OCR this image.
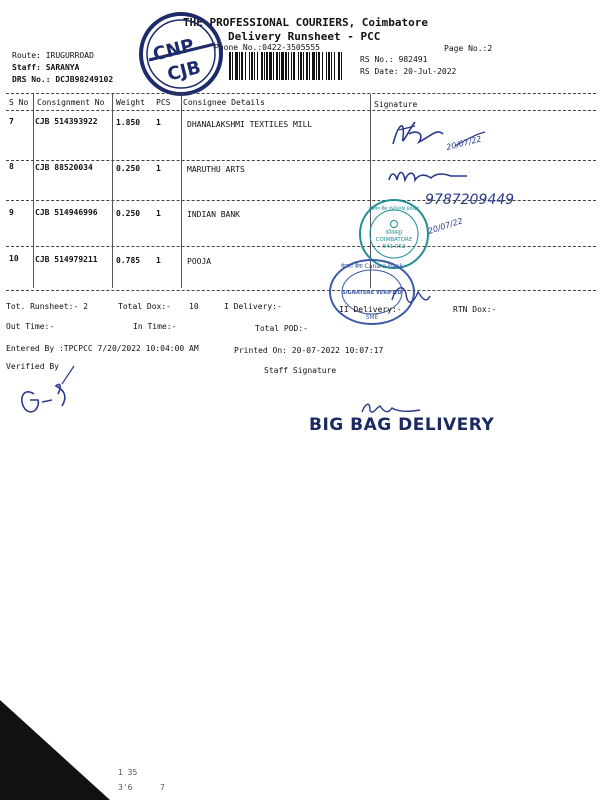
THE PROFESSIONAL COURIERS, Coimbatore
Delivery Runsheet - PCC
Phone No.:0422-3505555	Page No.:2
RS No.: 982491
RS Date: 20-Jul-2022
Route: IRUGURROAD
Staff: SARANYA
DRS No.: DCJB98249102
CNP
CJB
S No Consignment No Weight PCS Consignee Details	Signature
7	CJB 514393922 1.850 1	DHANALAKSHMI TEXTILES MILL
8	CJB 88520034	0.250 1	MARUTHU ARTS
9	CJB 514946996 0.250 1	INDIAN BANK
10 CJB 514979211 0.785 1	POOJA
20/07/22
9787209449
इंडियन बैंक INDIAN BANK
कोयंबतूर
COIMBATORE
641 062
20/07/22
केनरा बैंक Canara Bank
SIGNATURE VERIFIED
SME
Tot. Runsheet:- 2	Total Dox:- 10	I Delivery:-	II Delivery:-	RTN Dox:-
Out Time:-	In Time:-	Total POD:-
Entered By :TPCPCC 7/20/2022 10:04:00 AM	Printed On: 20-07-2022 10:07:17
Verified By	Staff Signature
BIG BAG DELIVERY
1 35
3'6	7
